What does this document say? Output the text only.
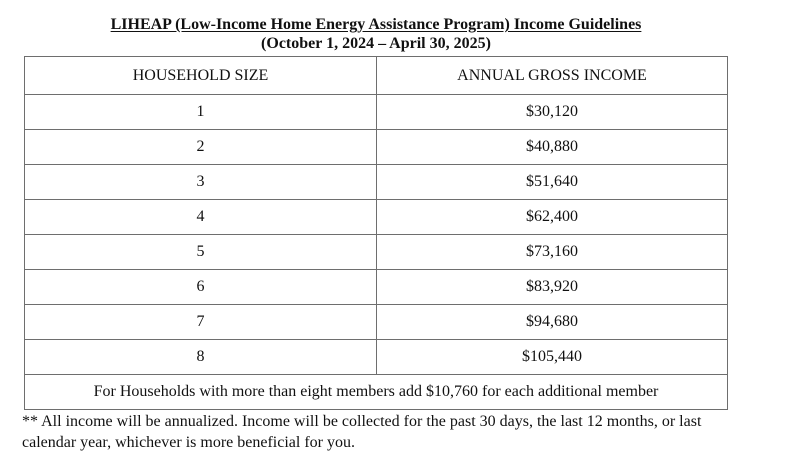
LIHEAP (Low-Income Home Energy Assistance Program) Income Guidelines
(October 1, 2024 – April 30, 2025)
HOUSEHOLD SIZE	ANNUAL GROSS INCOME
1	$30,120
2	$40,880
3	$51,640
4	$62,400
5	$73,160
6	$83,920
7	$94,680
8	$105,440
For Households with more than eight members add $10,760 for each additional member	
** All income will be annualized. Income will be collected for the past 30 days, the last 12 months, or last calendar year, whichever is more beneficial for you.
